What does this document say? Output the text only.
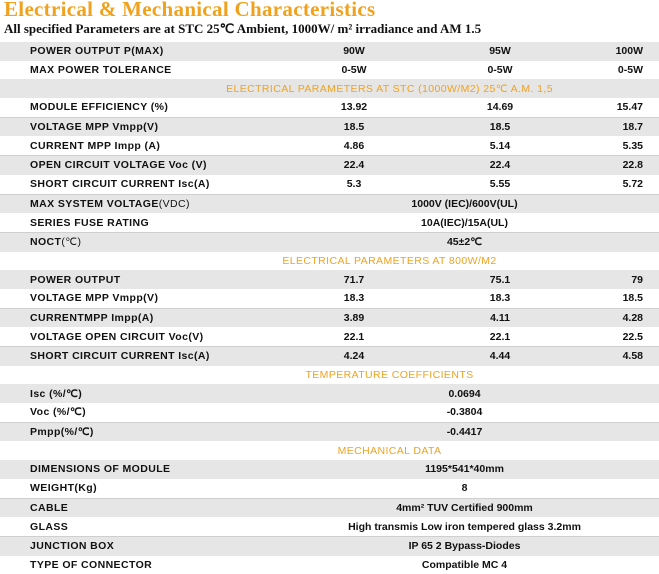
Electrical & Mechanical Characteristics
All specified Parameters are at STC 25℃ Ambient, 1000W/ m² irradiance and AM 1.5
POWER OUTPUT P(MAX)	90W	95W	100W
MAX POWER TOLERANCE	0-5W	0-5W	0-5W
ELECTRICAL PARAMETERS AT STC (1000W/M2) 25℃ A.M. 1,5			
MODULE EFFICIENCY (%)	13.92	14.69	15.47
VOLTAGE MPP Vmpp(V)	18.5	18.5	18.7
CURRENT MPP Impp (A)	4.86	5.14	5.35
OPEN CIRCUIT VOLTAGE Voc (V)	22.4	22.4	22.8
SHORT CIRCUIT CURRENT Isc(A)	5.3	5.55	5.72
MAX SYSTEM VOLTAGE(VDC)	1000V (IEC)/600V(UL)		
SERIES FUSE RATING	10A(IEC)/15A(UL)		
NOCT(℃)	45±2℃		
ELECTRICAL PARAMETERS AT 800W/M2			
POWER OUTPUT	71.7	75.1	79
VOLTAGE MPP Vmpp(V)	18.3	18.3	18.5
CURRENTMPP Impp(A)	3.89	4.11	4.28
VOLTAGE OPEN CIRCUIT Voc(V)	22.1	22.1	22.5
SHORT CIRCUIT CURRENT Isc(A)	4.24	4.44	4.58
TEMPERATURE COEFFICIENTS			
Isc (%/℃)	0.0694		
Voc (%/℃)	-0.3804		
Pmpp(%/℃)	-0.4417		
MECHANICAL DATA			
DIMENSIONS OF MODULE	1195*541*40mm		
WEIGHT(Kg)	8		
CABLE	4mm² TUV Certified 900mm		
GLASS	High transmis Low iron tempered glass 3.2mm		
JUNCTION BOX	IP 65 2 Bypass-Diodes		
TYPE OF CONNECTOR	Compatible MC 4		
